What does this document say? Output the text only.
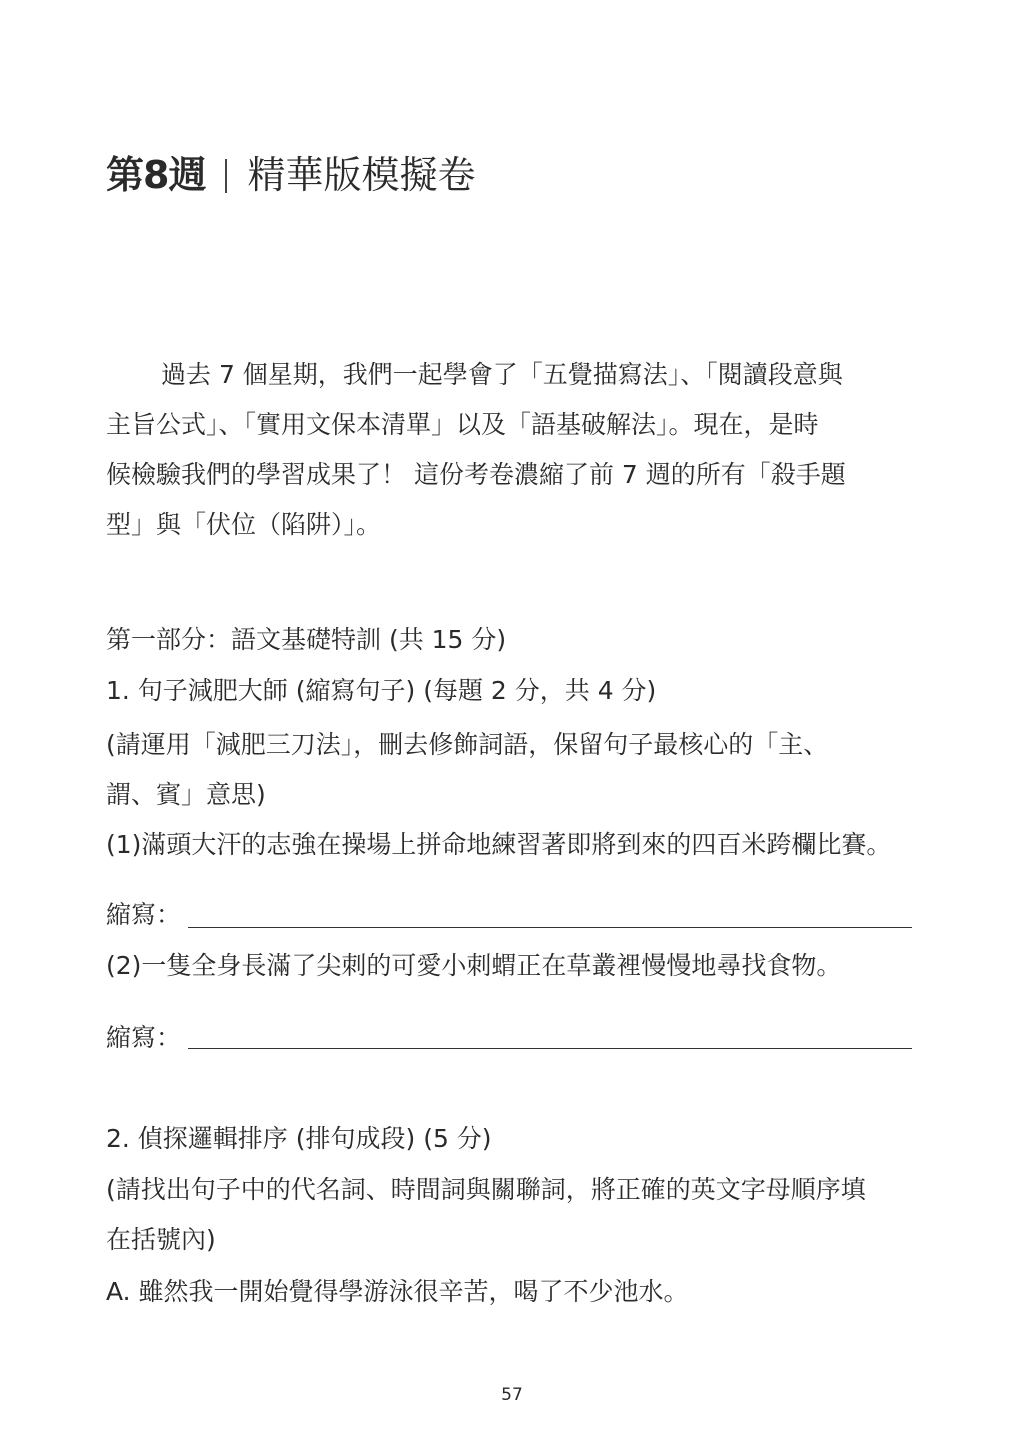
第8週 精華版模擬卷
過去 7 個星期，我們一起學會了「五覺描寫法」、「閱讀段意與
主旨公式」、「實用文保本清單」以及「語基破解法」。現在，是時
候檢驗我們的學習成果了！ 這份考卷濃縮了前 7 週的所有「殺手題
型」與「伏位（陷阱）」。
第一部分：語文基礎特訓 (共 15 分)
1. 句子減肥大師 (縮寫句子) (每題 2 分，共 4 分)
(請運用「減肥三刀法」，刪去修飾詞語，保留句子最核心的「主、
謂、賓」意思)
(1)滿頭大汗的志強在操場上拼命地練習著即將到來的四百米跨欄比賽。
縮寫：
(2)一隻全身長滿了尖刺的可愛小刺蝟正在草叢裡慢慢地尋找食物。
縮寫：
2. 偵探邏輯排序 (排句成段) (5 分)
(請找出句子中的代名詞、時間詞與關聯詞，將正確的英文字母順序填
在括號內)
A. 雖然我一開始覺得學游泳很辛苦，喝了不少池水。
57
